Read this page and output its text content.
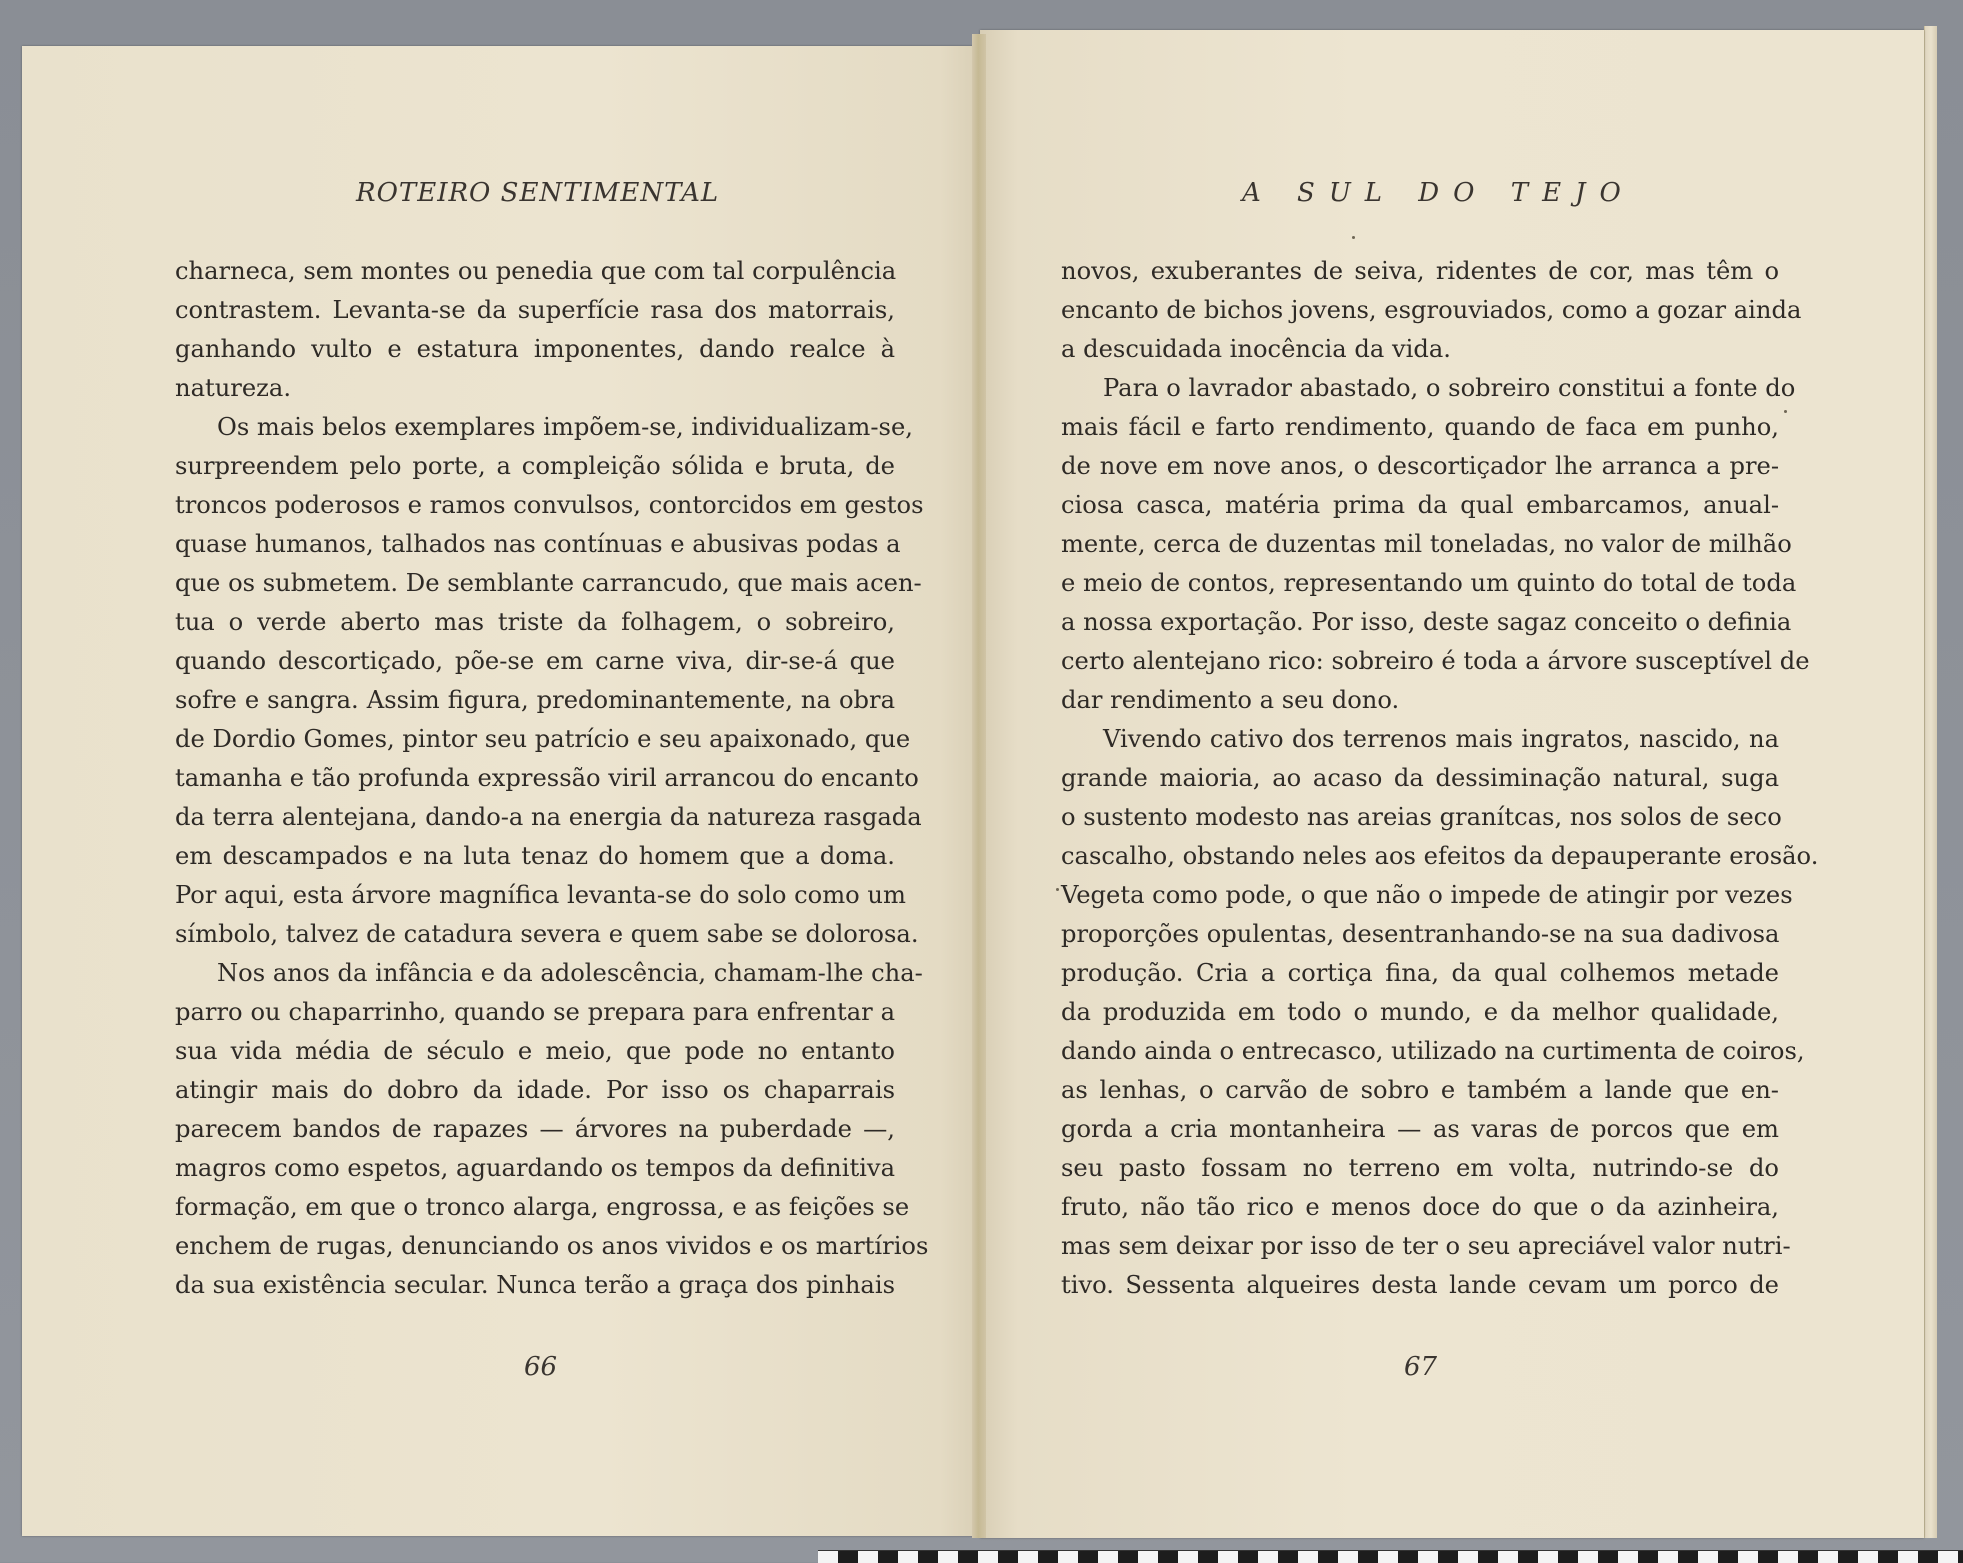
ROTEIRO SENTIMENTAL	A SUL DO TEJO
charneca, sem montes ou penedia que com tal corpulência
contrastem. Levanta-se da superfície rasa dos matorrais,
ganhando vulto e estatura imponentes, dando realce à
natureza.
Os mais belos exemplares impõem-se, individualizam-se,
surpreendem pelo porte, a compleição sólida e bruta, de
troncos poderosos e ramos convulsos, contorcidos em gestos
quase humanos, talhados nas contínuas e abusivas podas a
que os submetem. De semblante carrancudo, que mais acen-
tua o verde aberto mas triste da folhagem, o sobreiro,
quando descortiçado, põe-se em carne viva, dir-se-á que
sofre e sangra. Assim figura, predominantemente, na obra
de Dordio Gomes, pintor seu patrício e seu apaixonado, que
tamanha e tão profunda expressão viril arrancou do encanto
da terra alentejana, dando-a na energia da natureza rasgada
em descampados e na luta tenaz do homem que a doma.
Por aqui, esta árvore magnífica levanta-se do solo como um
símbolo, talvez de catadura severa e quem sabe se dolorosa.
Nos anos da infância e da adolescência, chamam-lhe cha-
parro ou chaparrinho, quando se prepara para enfrentar a
sua vida média de século e meio, que pode no entanto
atingir mais do dobro da idade. Por isso os chaparrais
parecem bandos de rapazes — árvores na puberdade —,
magros como espetos, aguardando os tempos da definitiva
formação, em que o tronco alarga, engrossa, e as feições se
enchem de rugas, denunciando os anos vividos e os martírios
da sua existência secular. Nunca terão a graça dos pinhais
novos, exuberantes de seiva, ridentes de cor, mas têm o
encanto de bichos jovens, esgrouviados, como a gozar ainda
a descuidada inocência da vida.
Para o lavrador abastado, o sobreiro constitui a fonte do
mais fácil e farto rendimento, quando de faca em punho,
de nove em nove anos, o descortiçador lhe arranca a pre-
ciosa casca, matéria prima da qual embarcamos, anual-
mente, cerca de duzentas mil toneladas, no valor de milhão
e meio de contos, representando um quinto do total de toda
a nossa exportação. Por isso, deste sagaz conceito o definia
certo alentejano rico: sobreiro é toda a árvore susceptível de
dar rendimento a seu dono.
Vivendo cativo dos terrenos mais ingratos, nascido, na
grande maioria, ao acaso da dessiminação natural, suga
o sustento modesto nas areias granítcas, nos solos de seco
cascalho, obstando neles aos efeitos da depauperante erosão.
Vegeta como pode, o que não o impede de atingir por vezes
proporções opulentas, desentranhando-se na sua dadivosa
produção. Cria a cortiça fina, da qual colhemos metade
da produzida em todo o mundo, e da melhor qualidade,
dando ainda o entrecasco, utilizado na curtimenta de coiros,
as lenhas, o carvão de sobro e também a lande que en-
gorda a cria montanheira — as varas de porcos que em
seu pasto fossam no terreno em volta, nutrindo-se do
fruto, não tão rico e menos doce do que o da azinheira,
mas sem deixar por isso de ter o seu apreciável valor nutri-
tivo. Sessenta alqueires desta lande cevam um porco de
66	67
